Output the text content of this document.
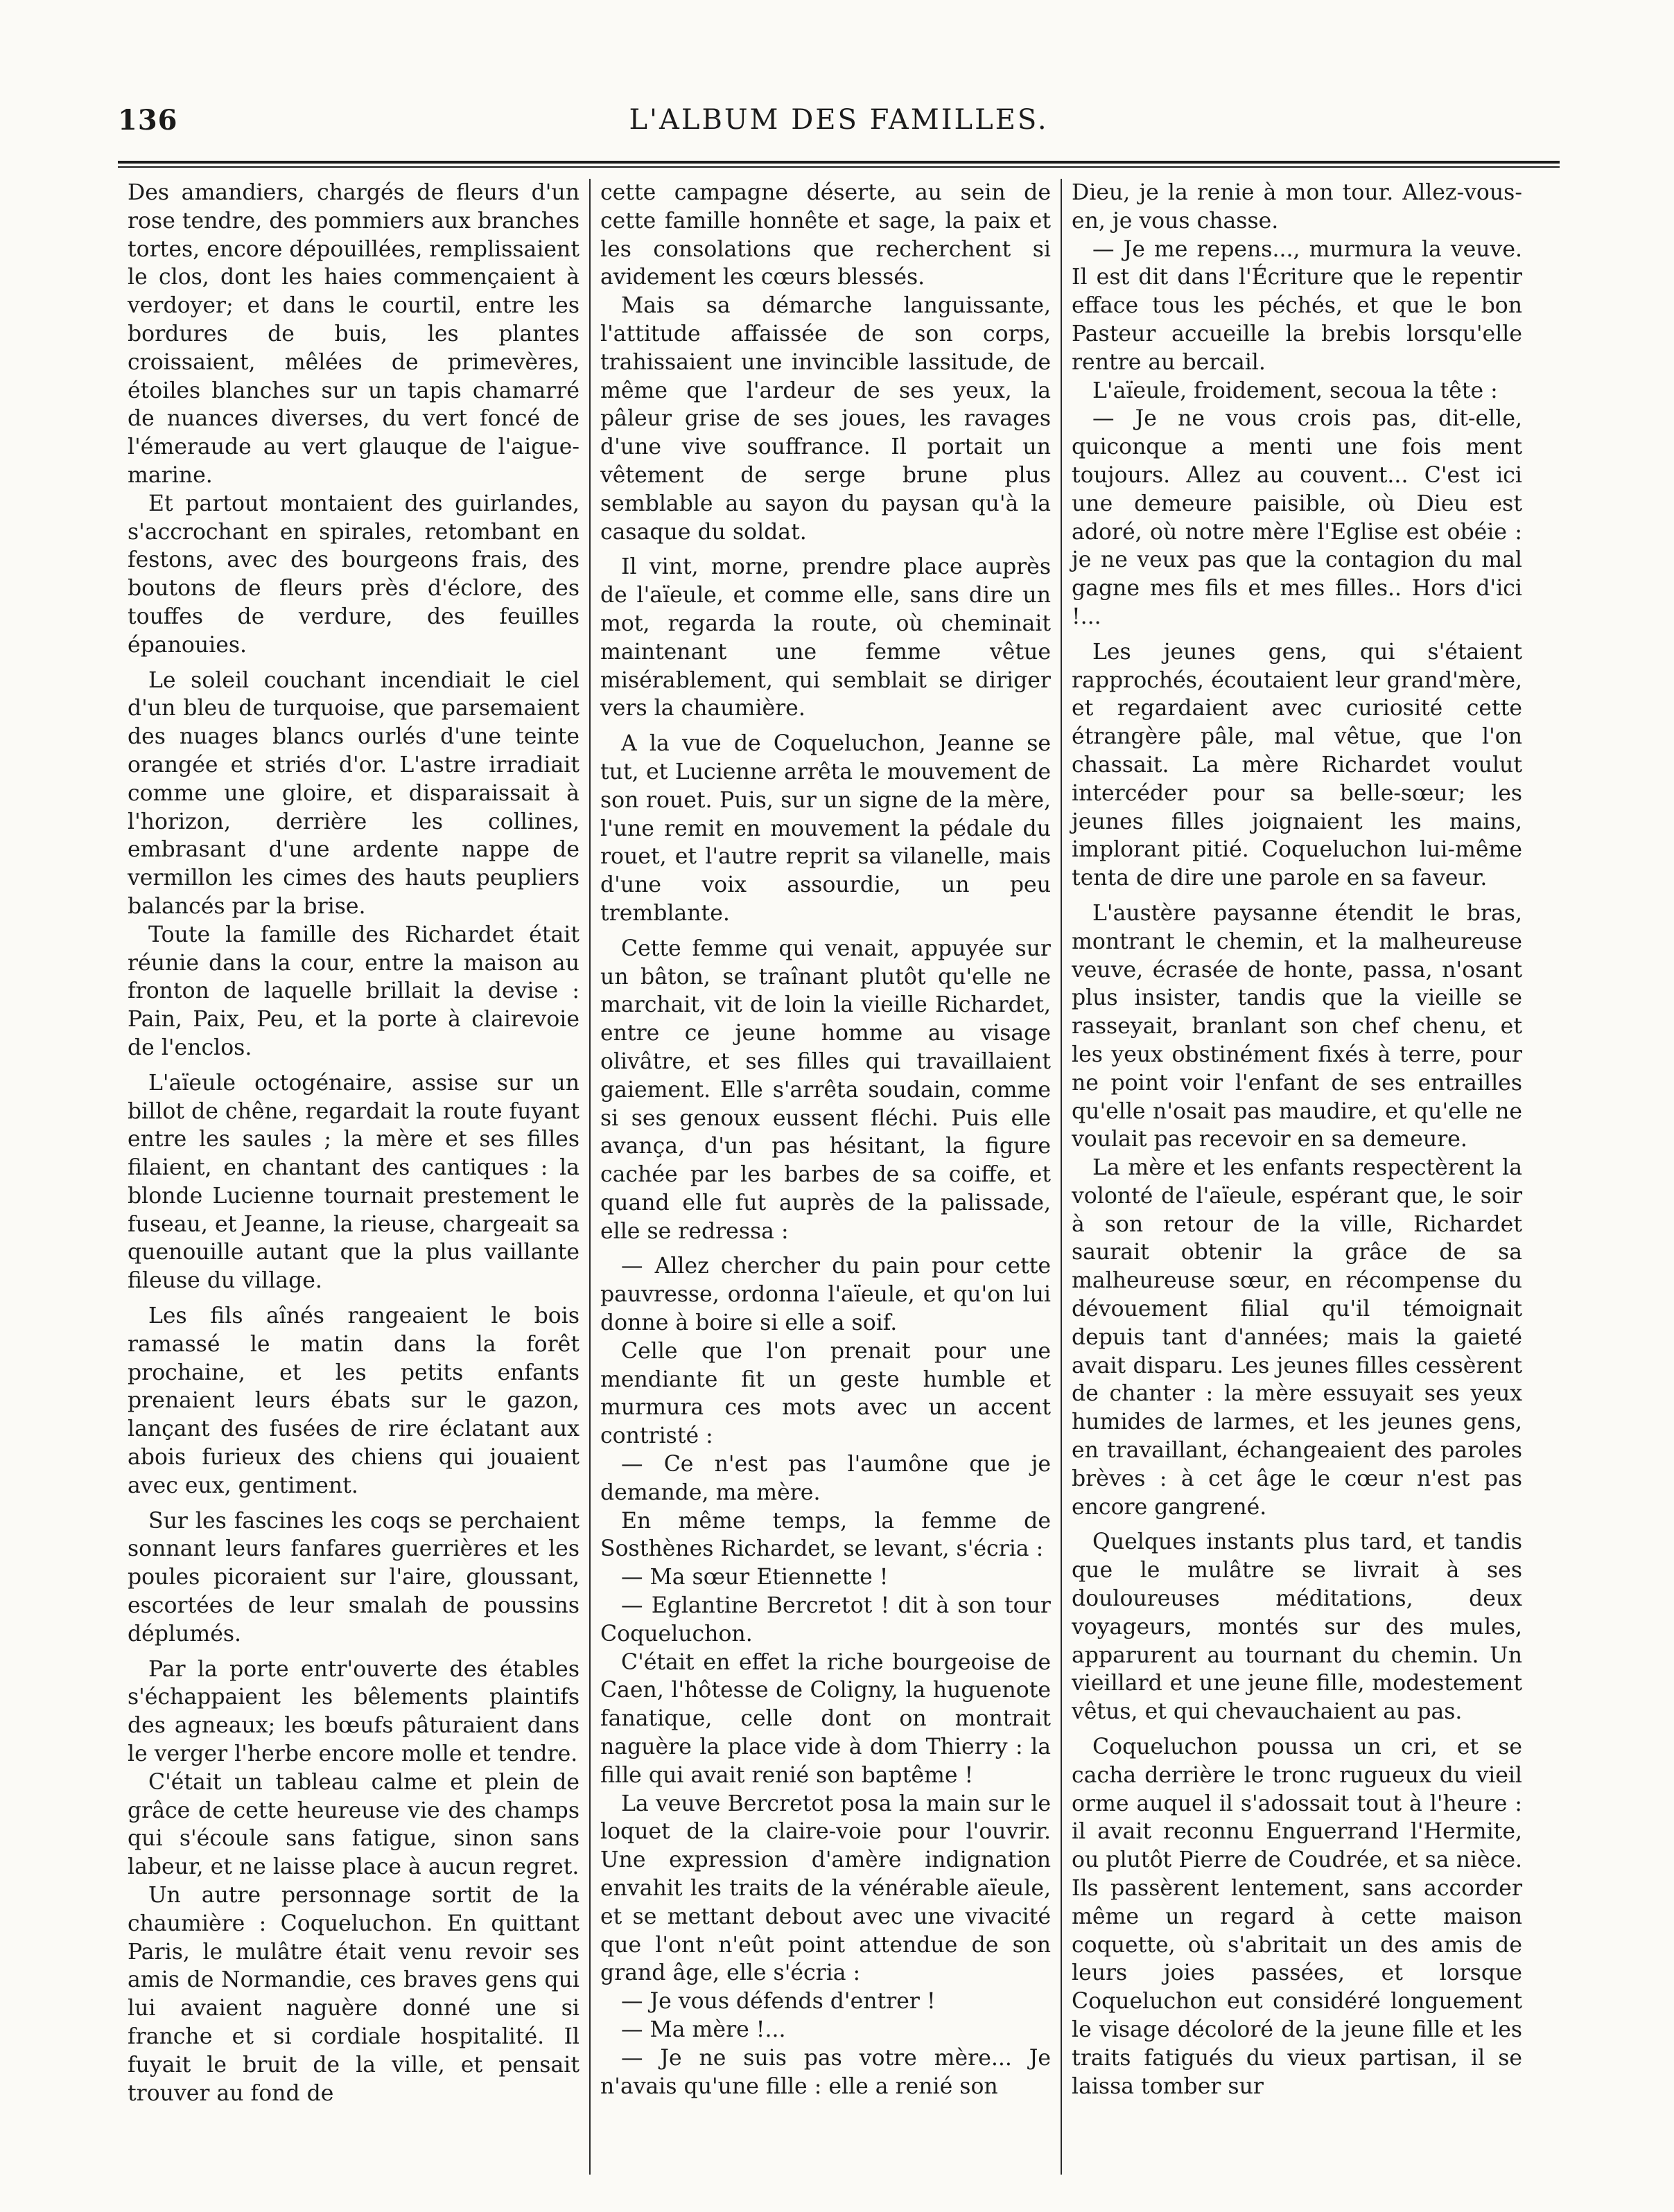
136	L'ALBUM DES FAMILLES.

Des amandiers, chargés de fleurs d'un rose tendre, des pommiers aux branches tortes, encore dépouillées, remplissaient le clos, dont les haies commençaient à verdoyer; et dans le courtil, entre les bordures de buis, les plantes croissaient, mêlées de primevères, étoiles blanches sur un tapis chamarré de nuances diverses, du vert foncé de l'émeraude au vert glauque de l'aigue-marine.

Et partout montaient des guirlandes, s'accrochant en spirales, retombant en festons, avec des bourgeons frais, des boutons de fleurs près d'éclore, des touffes de verdure, des feuilles épanouies.

Le soleil couchant incendiait le ciel d'un bleu de turquoise, que parsemaient des nuages blancs ourlés d'une teinte orangée et striés d'or. L'astre irradiait comme une gloire, et disparaissait à l'horizon, derrière les collines, embrasant d'une ardente nappe de vermillon les cimes des hauts peupliers balancés par la brise.

Toute la famille des Richardet était réunie dans la cour, entre la maison au fronton de laquelle brillait la devise : Pain, Paix, Peu, et la porte à clairevoie de l'enclos.

L'aïeule octogénaire, assise sur un billot de chêne, regardait la route fuyant entre les saules ; la mère et ses filles filaient, en chantant des cantiques : la blonde Lucienne tournait prestement le fuseau, et Jeanne, la rieuse, chargeait sa quenouille autant que la plus vaillante fileuse du village.

Les fils aînés rangeaient le bois ramassé le matin dans la forêt prochaine, et les petits enfants prenaient leurs ébats sur le gazon, lançant des fusées de rire éclatant aux abois furieux des chiens qui jouaient avec eux, gentiment.

Sur les fascines les coqs se perchaient sonnant leurs fanfares guerrières et les poules picoraient sur l'aire, gloussant, escortées de leur smalah de poussins déplumés.

Par la porte entr'ouverte des étables s'échappaient les bêlements plaintifs des agneaux; les bœufs pâturaient dans le verger l'herbe encore molle et tendre.

C'était un tableau calme et plein de grâce de cette heureuse vie des champs qui s'écoule sans fatigue, sinon sans labeur, et ne laisse place à aucun regret.

Un autre personnage sortit de la chaumière : Coqueluchon. En quittant Paris, le mulâtre était venu revoir ses amis de Normandie, ces braves gens qui lui avaient naguère donné une si franche et si cordiale hospitalité. Il fuyait le bruit de la ville, et pensait trouver au fond de

cette campagne déserte, au sein de cette famille honnête et sage, la paix et les consolations que recherchent si avidement les cœurs blessés.

Mais sa démarche languissante, l'attitude affaissée de son corps, trahissaient une invincible lassitude, de même que l'ardeur de ses yeux, la pâleur grise de ses joues, les ravages d'une vive souffrance. Il portait un vêtement de serge brune plus semblable au sayon du paysan qu'à la casaque du soldat.

Il vint, morne, prendre place auprès de l'aïeule, et comme elle, sans dire un mot, regarda la route, où cheminait maintenant une femme vêtue misérablement, qui semblait se diriger vers la chaumière.

A la vue de Coqueluchon, Jeanne se tut, et Lucienne arrêta le mouvement de son rouet. Puis, sur un signe de la mère, l'une remit en mouvement la pédale du rouet, et l'autre reprit sa vilanelle, mais d'une voix assourdie, un peu tremblante.

Cette femme qui venait, appuyée sur un bâton, se traînant plutôt qu'elle ne marchait, vit de loin la vieille Richardet, entre ce jeune homme au visage olivâtre, et ses filles qui travaillaient gaiement. Elle s'arrêta soudain, comme si ses genoux eussent fléchi. Puis elle avança, d'un pas hésitant, la figure cachée par les barbes de sa coiffe, et quand elle fut auprès de la palissade, elle se redressa :

— Allez chercher du pain pour cette pauvresse, ordonna l'aïeule, et qu'on lui donne à boire si elle a soif.

Celle que l'on prenait pour une mendiante fit un geste humble et murmura ces mots avec un accent contristé :

— Ce n'est pas l'aumône que je demande, ma mère.

En même temps, la femme de Sosthènes Richardet, se levant, s'écria :

— Ma sœur Etiennette !

— Eglantine Bercretot ! dit à son tour Coqueluchon.

C'était en effet la riche bourgeoise de Caen, l'hôtesse de Coligny, la huguenote fanatique, celle dont on montrait naguère la place vide à dom Thierry : la fille qui avait renié son baptême !

La veuve Bercretot posa la main sur le loquet de la claire-voie pour l'ouvrir. Une expression d'amère indignation envahit les traits de la vénérable aïeule, et se mettant debout avec une vivacité que l'ont n'eût point attendue de son grand âge, elle s'écria :

— Je vous défends d'entrer !

— Ma mère !...

— Je ne suis pas votre mère... Je n'avais qu'une fille : elle a renié son

Dieu, je la renie à mon tour. Allez-vous-en, je vous chasse.

— Je me repens..., murmura la veuve. Il est dit dans l'Écriture que le repentir efface tous les péchés, et que le bon Pasteur accueille la brebis lorsqu'elle rentre au bercail.

L'aïeule, froidement, secoua la tête :

— Je ne vous crois pas, dit-elle, quiconque a menti une fois ment toujours. Allez au couvent... C'est ici une demeure paisible, où Dieu est adoré, où notre mère l'Eglise est obéie : je ne veux pas que la contagion du mal gagne mes fils et mes filles.. Hors d'ici !...

Les jeunes gens, qui s'étaient rapprochés, écoutaient leur grand'mère, et regardaient avec curiosité cette étrangère pâle, mal vêtue, que l'on chassait. La mère Richardet voulut intercéder pour sa belle-sœur; les jeunes filles joignaient les mains, implorant pitié. Coqueluchon lui-même tenta de dire une parole en sa faveur.

L'austère paysanne étendit le bras, montrant le chemin, et la malheureuse veuve, écrasée de honte, passa, n'osant plus insister, tandis que la vieille se rasseyait, branlant son chef chenu, et les yeux obstinément fixés à terre, pour ne point voir l'enfant de ses entrailles qu'elle n'osait pas maudire, et qu'elle ne voulait pas recevoir en sa demeure.

La mère et les enfants respectèrent la volonté de l'aïeule, espérant que, le soir à son retour de la ville, Richardet saurait obtenir la grâce de sa malheureuse sœur, en récompense du dévouement filial qu'il témoignait depuis tant d'années; mais la gaieté avait disparu. Les jeunes filles cessèrent de chanter : la mère essuyait ses yeux humides de larmes, et les jeunes gens, en travaillant, échangeaient des paroles brèves : à cet âge le cœur n'est pas encore gangrené.

Quelques instants plus tard, et tandis que le mulâtre se livrait à ses douloureuses méditations, deux voyageurs, montés sur des mules, apparurent au tournant du chemin. Un vieillard et une jeune fille, modestement vêtus, et qui chevauchaient au pas.

Coqueluchon poussa un cri, et se cacha derrière le tronc rugueux du vieil orme auquel il s'adossait tout à l'heure : il avait reconnu Enguerrand l'Hermite, ou plutôt Pierre de Coudrée, et sa nièce. Ils passèrent lentement, sans accorder même un regard à cette maison coquette, où s'abritait un des amis de leurs joies passées, et lorsque Coqueluchon eut considéré longuement le visage décoloré de la jeune fille et les traits fatigués du vieux partisan, il se laissa tomber sur
